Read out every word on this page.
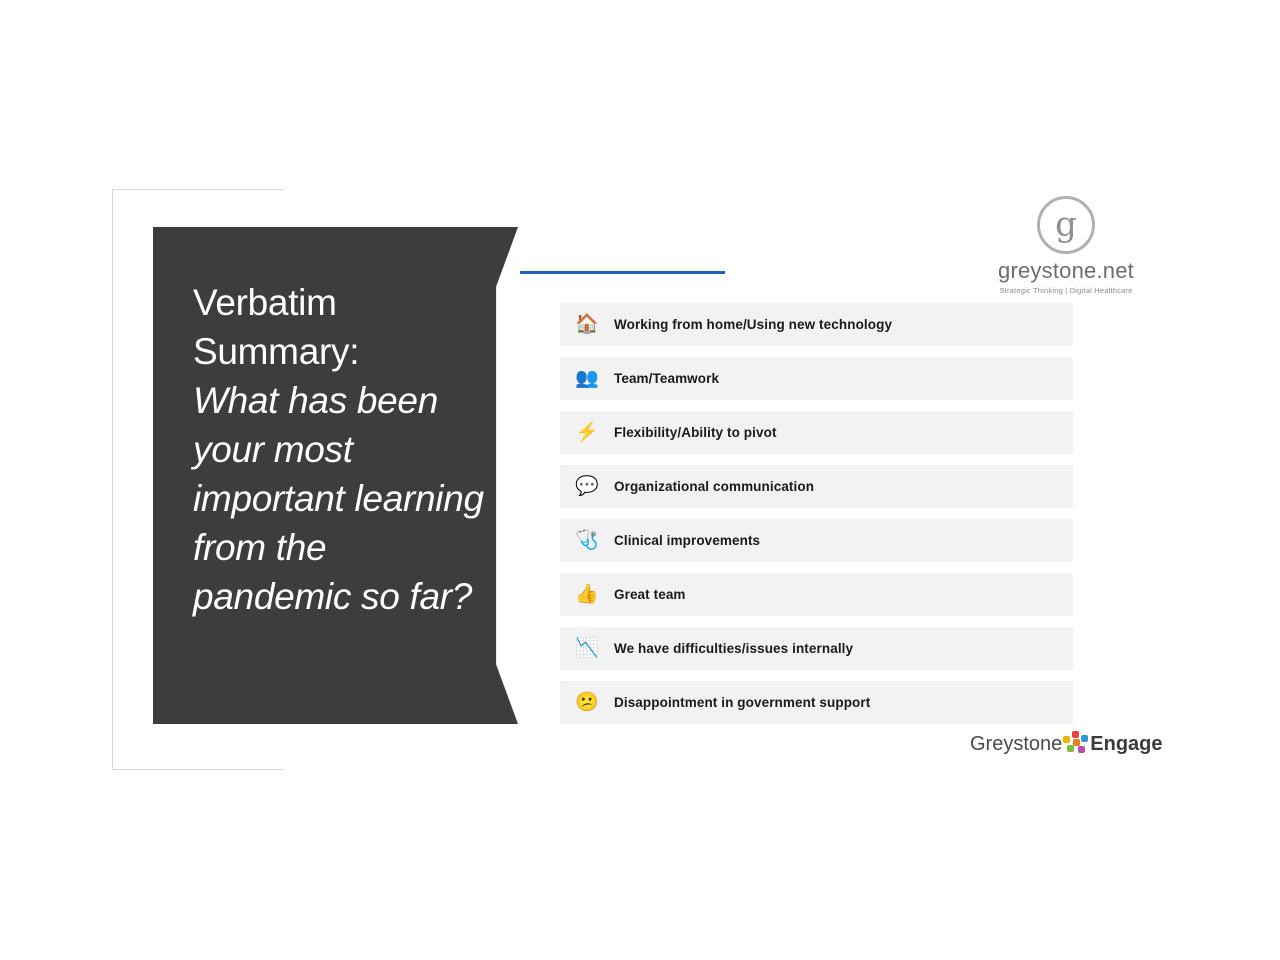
Verbatim Summary:
What has been your most important learning from the pandemic so far?
🏠 Working from home/Using new technology
👥 Team/Teamwork
⚡ Flexibility/Ability to pivot
💬 Organizational communication
🩺 Clinical improvements
👍 Great team
📉 We have difficulties/issues internally
😕 Disappointment in government support
g
greystone.net
Strategic Thinking | Digital Healthcare
Greystone Engage
